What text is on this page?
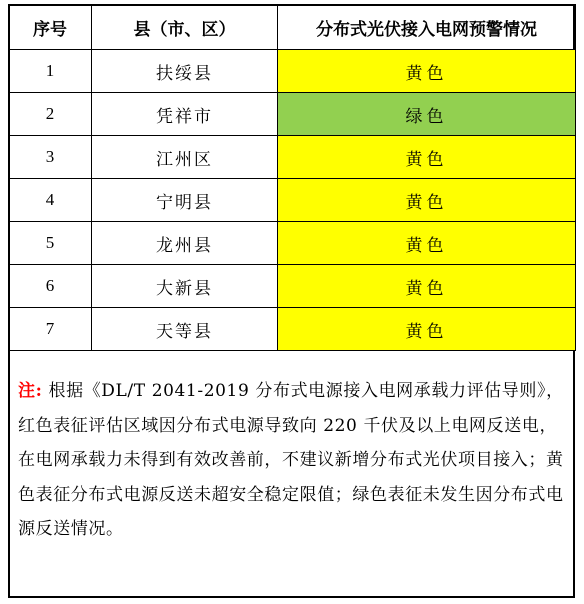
序号	县（市、区）	分布式光伏接入电网预警情况
1	扶绥县	黄色
2	凭祥市	绿色
3	江州区	黄色
4	宁明县	黄色
5	龙州县	黄色
6	大新县	黄色
7	天等县	黄色
注: 根据《DL/T 2041-2019 分布式电源接入电网承载力评估导则》，红色表征评估区域因分布式电源导致向 220 千伏及以上电网反送电，在电网承载力未得到有效改善前，不建议新增分布式光伏项目接入；黄色表征分布式电源反送未超安全稳定限值；绿色表征未发生因分布式电源反送情况。
